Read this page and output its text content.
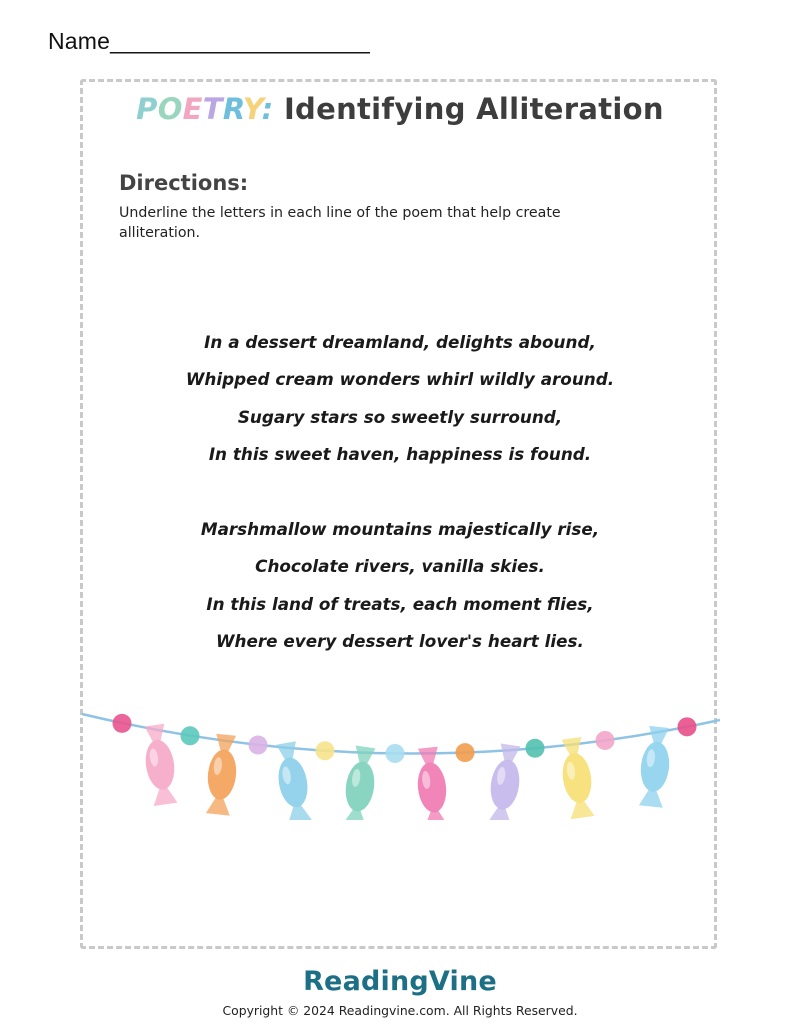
Name____________________
POETRY: Identifying Alliteration
Directions:
Underline the letters in each line of the poem that help create alliteration.
In a dessert dreamland, delights abound,
Whipped cream wonders whirl wildly around.
Sugary stars so sweetly surround,
In this sweet haven, happiness is found.
Marshmallow mountains majestically rise,
Chocolate rivers, vanilla skies.
In this land of treats, each moment flies,
Where every dessert lover's heart lies.
ReadingVine
Copyright © 2024 Readingvine.com. All Rights Reserved.
